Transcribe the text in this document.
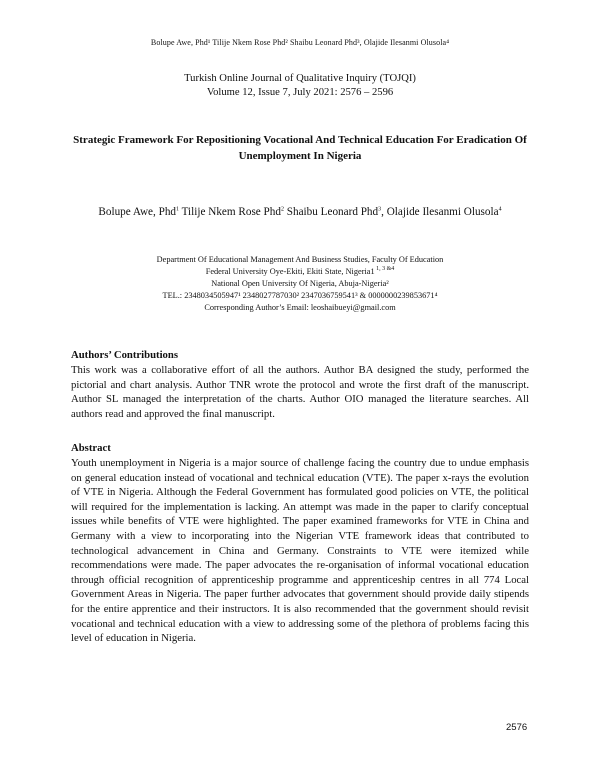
Bolupe Awe, Phd¹ Tilije Nkem Rose Phd² Shaibu Leonard Phd³, Olajide Ilesanmi Olusola⁴
Turkish Online Journal of Qualitative Inquiry (TOJQI)
Volume 12, Issue 7, July 2021: 2576 – 2596
Strategic Framework For Repositioning Vocational And Technical Education For Eradication Of Unemployment In Nigeria
Bolupe Awe, Phd$^1$ Tilije Nkem Rose Phd$^2$ Shaibu Leonard Phd$^3$, Olajide Ilesanmi Olusola$^4$
Department Of Educational Management And Business Studies, Faculty Of Education
Federal University Oye-Ekiti, Ekiti State, Nigeria1 $^{1, 3 \&4}$
National Open University Of Nigeria, Abuja-Nigeria²
TEL.: 2348034505947¹ 2348027787030² 2347036759541³ & 0000000239853671⁴
Corresponding Author’s Email: leoshaibueyi@gmail.com
Authors’ Contributions

This work was a collaborative effort of all the authors. Author BA designed the study, performed the pictorial and chart analysis. Author TNR wrote the protocol and wrote the first draft of the manuscript. Author SL managed the interpretation of the charts. Author OIO managed the literature searches. All authors read and approved the final manuscript.

Abstract

Youth unemployment in Nigeria is a major source of challenge facing the country due to undue emphasis on general education instead of vocational and technical education (VTE). The paper x-rays the evolution of VTE in Nigeria. Although the Federal Government has formulated good policies on VTE, the political will required for the implementation is lacking. An attempt was made in the paper to clarify conceptual issues while benefits of VTE were highlighted. The paper examined frameworks for VTE in China and Germany with a view to incorporating into the Nigerian VTE framework ideas that contributed to technological advancement in China and Germany. Constraints to VTE were itemized while recommendations were made. The paper advocates the re-organisation of informal vocational education through official recognition of apprenticeship programme and apprenticeship centres in all 774 Local Government Areas in Nigeria. The paper further advocates that government should provide daily stipends for the entire apprentice and their instructors. It is also recommended that the government should revisit vocational and technical education with a view to addressing some of the plethora of problems facing this level of education in Nigeria.

2576
